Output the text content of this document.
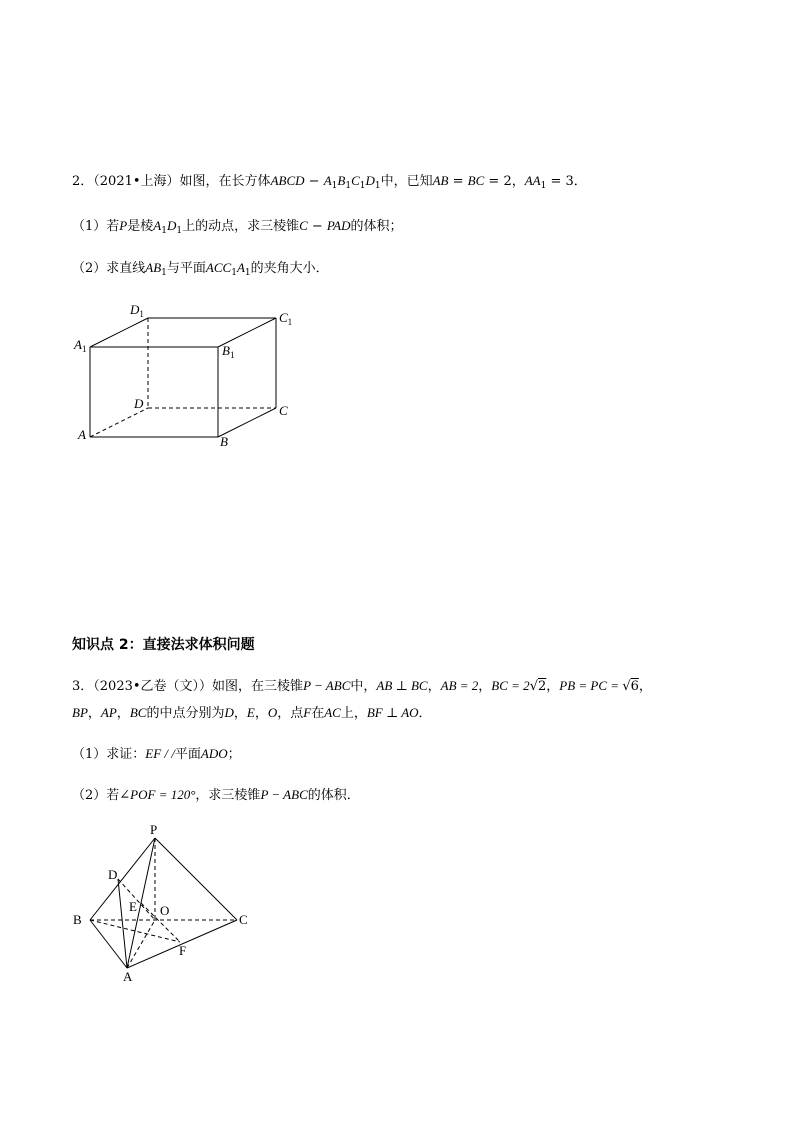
2．（2021•上海）如图，在长方体ABCD − $A_1B_1C_1D_1$中，已知AB = BC = 2，$AA_1 = 3$．
（1）若P是棱$A_1D_1$上的动点，求三棱锥C − PAD的体积；
（2）求直线$AB_1$与平面$ACC_1A_1$的夹角大小．
$A_1$	$B_1$
$C_1$
$D_1$
A	B
C
D
知识点 2：直接法求体积问题
3．（2023•乙卷（文））如图，在三棱锥P − ABC中，AB ⊥ BC，AB = 2，BC = 2√2，PB = PC = √6，
BP，AP，BC的中点分别为D，E，O，点F在AC上，BF ⊥ AO．
（1）求证：EF / /平面ADO；
（2）若∠POF = 120°，求三棱锥P − ABC的体积．
P
D
E O
B	C
F
A
